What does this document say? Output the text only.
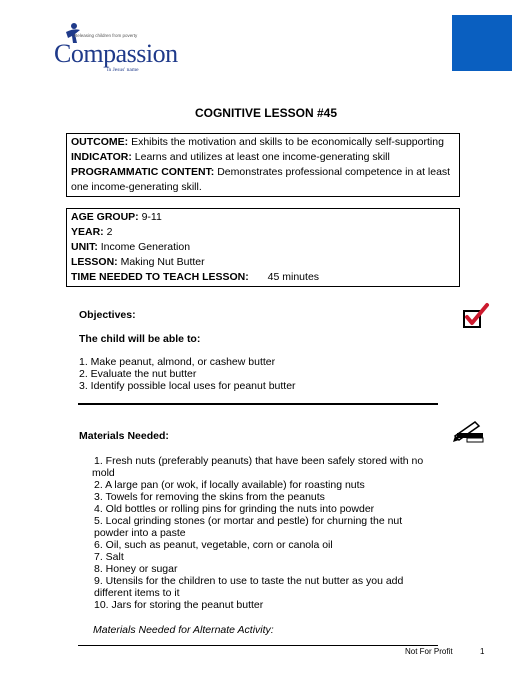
Releasing children from poverty
Compassion
in Jesus' name
COGNITIVE LESSON #45
OUTCOME: Exhibits the motivation and skills to be economically self-supporting
INDICATOR: Learns and utilizes at least one income-generating skill
PROGRAMMATIC CONTENT: Demonstrates professional competence in at least
one income-generating skill.
AGE GROUP: 9-11
YEAR: 2
UNIT: Income Generation
LESSON: Making Nut Butter
TIME NEEDED TO TEACH LESSON: 45 minutes
Objectives:
The child will be able to:
1. Make peanut, almond, or cashew butter
2. Evaluate the nut butter
3. Identify possible local uses for peanut butter
Materials Needed:
1. Fresh nuts (preferably peanuts) that have been safely stored with no
mold
2. A large pan (or wok, if locally available) for roasting nuts
3. Towels for removing the skins from the peanuts
4. Old bottles or rolling pins for grinding the nuts into powder
5. Local grinding stones (or mortar and pestle) for churning the nut
powder into a paste
6. Oil, such as peanut, vegetable, corn or canola oil
7. Salt
8. Honey or sugar
9. Utensils for the children to use to taste the nut butter as you add
different items to it
10. Jars for storing the peanut butter
Materials Needed for Alternate Activity:
Not For Profit	1
